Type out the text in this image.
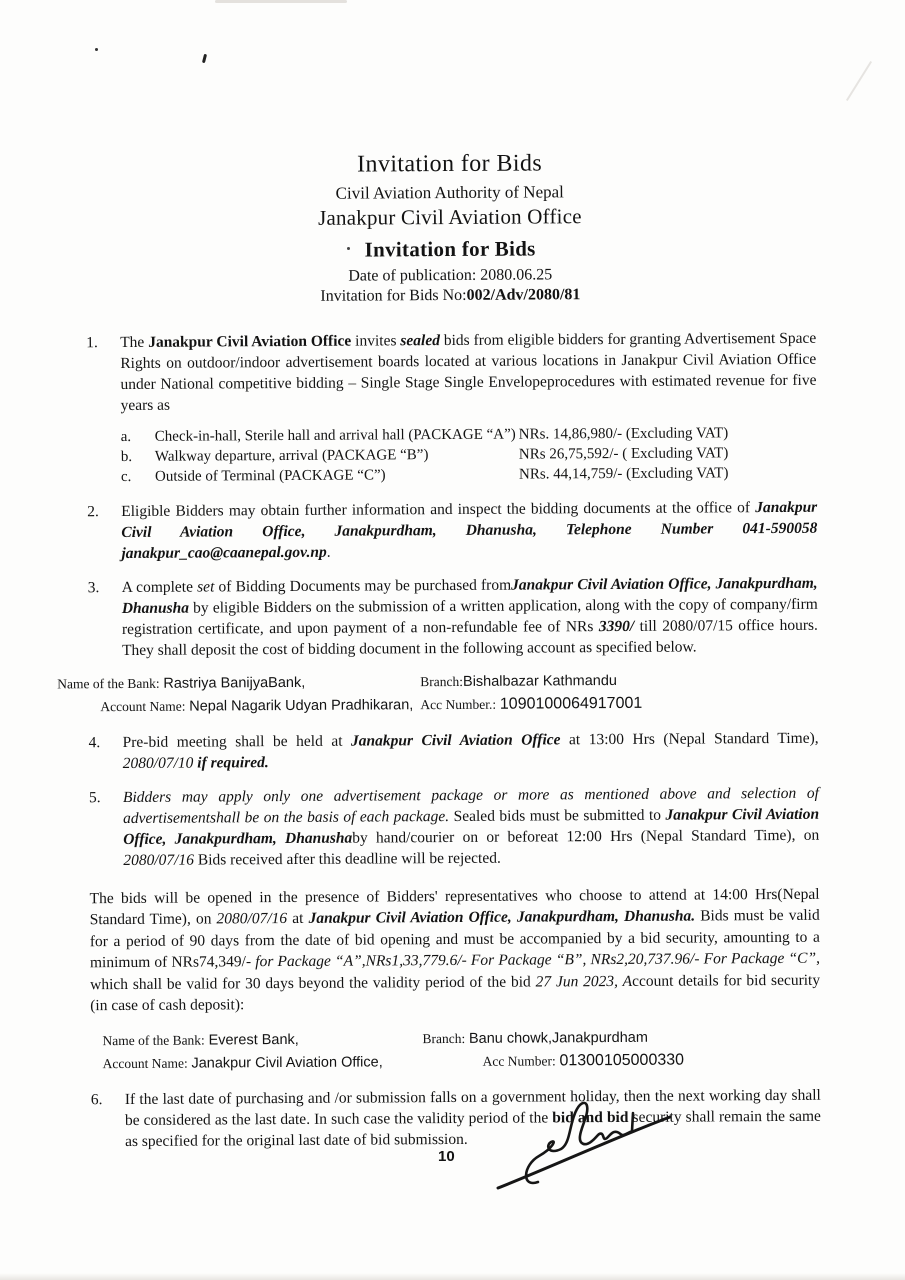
Invitation for Bids
Civil Aviation Authority of Nepal
Janakpur Civil Aviation Office
Invitation for Bids
Date of publication: 2080.06.25
Invitation for Bids No:002/Adv/2080/81
1.	The Janakpur Civil Aviation Office invites sealed bids from eligible bidders for granting Advertisement Space Rights on outdoor/indoor advertisement boards located at various locations in Janakpur Civil Aviation Office under National competitive bidding – Single Stage Single Envelopeprocedures with estimated revenue for five years as
a.	Check-in-hall, Sterile hall and arrival hall (PACKAGE “A”) NRs. 14,86,980/- (Excluding VAT)
b.	Walkway departure, arrival (PACKAGE “B”)	NRs 26,75,592/- ( Excluding VAT)
c.	Outside of Terminal (PACKAGE “C”)	NRs. 44,14,759/- (Excluding VAT)
2.	Eligible Bidders may obtain further information and inspect the bidding documents at the office of Janakpur Civil Aviation Office, Janakpurdham, Dhanusha, Telephone Number 041-590058 janakpur_cao@caanepal.gov.np.
3.	A complete set of Bidding Documents may be purchased fromJanakpur Civil Aviation Office, Janakpurdham, Dhanusha by eligible Bidders on the submission of a written application, along with the copy of company/firm registration certificate, and upon payment of a non-refundable fee of NRs 3390/ till 2080/07/15 office hours. They shall deposit the cost of bidding document in the following account as specified below.
Name of the Bank: Rastriya BanijyaBank,	Branch:Bishalbazar Kathmandu
Account Name: Nepal Nagarik Udyan Pradhikaran, Acc Number.: 1090100064917001
4.	Pre-bid meeting shall be held at Janakpur Civil Aviation Office at 13:00 Hrs (Nepal Standard Time), 2080/07/10 if required.
5.	Bidders may apply only one advertisement package or more as mentioned above and selection of advertisementshall be on the basis of each package. Sealed bids must be submitted to Janakpur Civil Aviation Office, Janakpurdham, Dhanushaby hand/courier on or beforeat 12:00 Hrs (Nepal Standard Time), on 2080/07/16 Bids received after this deadline will be rejected.
The bids will be opened in the presence of Bidders' representatives who choose to attend at 14:00 Hrs(Nepal Standard Time), on 2080/07/16 at Janakpur Civil Aviation Office, Janakpurdham, Dhanusha. Bids must be valid for a period of 90 days from the date of bid opening and must be accompanied by a bid security, amounting to a minimum of NRs74,349/- for Package “A”,NRs1,33,779.6/- For Package “B”, NRs2,20,737.96/- For Package “C”, which shall be valid for 30 days beyond the validity period of the bid 27 Jun 2023, Account details for bid security (in case of cash deposit):
Name of the Bank: Everest Bank,	Branch: Banu chowk,Janakpurdham
Account Name: Janakpur Civil Aviation Office,	Acc Number: 01300105000330
6.	If the last date of purchasing and /or submission falls on a government holiday, then the next working day shall be considered as the last date. In such case the validity period of the bid and bid security shall remain the same as specified for the original last date of bid submission.
10
